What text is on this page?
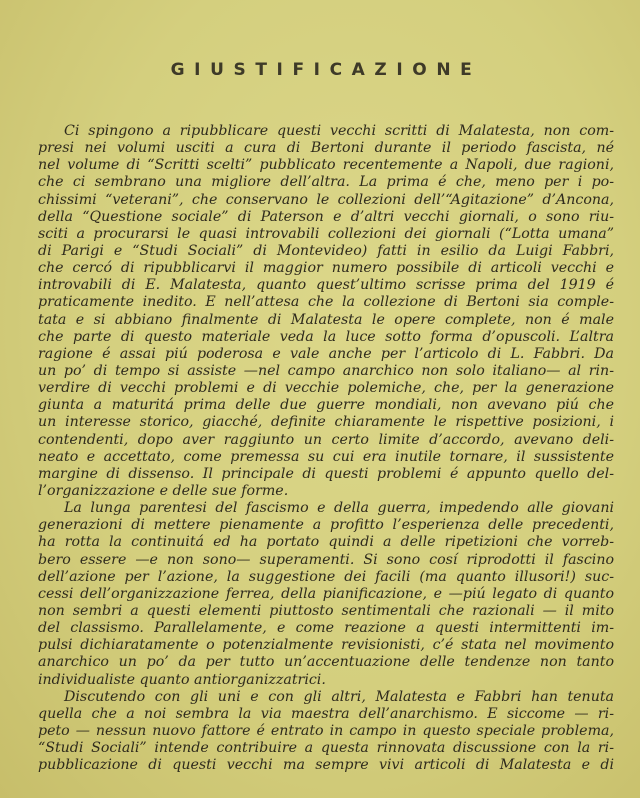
GIUSTIFICAZIONE
Ci spingono a ripubblicare questi vecchi scritti di Malatesta, non com-
presi nei volumi usciti a cura di Bertoni durante il periodo fascista, né
nel volume di “Scritti scelti” pubblicato recentemente a Napoli, due ragioni,
che ci sembrano una migliore dell’altra. La prima é che, meno per i po-
chissimi “veterani”, che conservano le collezioni dell’“Agitazione” d’Ancona,
della “Questione sociale” di Paterson e d’altri vecchi giornali, o sono riu-
sciti a procurarsi le quasi introvabili collezioni dei giornali (“Lotta umana”
di Parigi e “Studi Sociali” di Montevideo) fatti in esilio da Luigi Fabbri,
che cercó di ripubblicarvi il maggior numero possibile di articoli vecchi e
introvabili di E. Malatesta, quanto quest’ultimo scrisse prima del 1919 é
praticamente inedito. E nell’attesa che la collezione di Bertoni sia comple-
tata e si abbiano finalmente di Malatesta le opere complete, non é male
che parte di questo materiale veda la luce sotto forma d’opuscoli. L’altra
ragione é assai piú poderosa e vale anche per l’articolo di L. Fabbri. Da
un po’ di tempo si assiste —nel campo anarchico non solo italiano— al rin-
verdire di vecchi problemi e di vecchie polemiche, che, per la generazione
giunta a maturitá prima delle due guerre mondiali, non avevano piú che
un interesse storico, giacché, definite chiaramente le rispettive posizioni, i
contendenti, dopo aver raggiunto un certo limite d’accordo, avevano deli-
neato e accettato, come premessa su cui era inutile tornare, il sussistente
margine di dissenso. Il principale di questi problemi é appunto quello del-
l’organizzazione e delle sue forme.
La lunga parentesi del fascismo e della guerra, impedendo alle giovani
generazioni di mettere pienamente a profitto l’esperienza delle precedenti,
ha rotta la continuitá ed ha portato quindi a delle ripetizioni che vorreb-
bero essere —e non sono— superamenti. Si sono cosí riprodotti il fascino
dell’azione per l’azione, la suggestione dei facili (ma quanto illusori!) suc-
cessi dell’organizzazione ferrea, della pianificazione, e —piú legato di quanto
non sembri a questi elementi piuttosto sentimentali che razionali — il mito
del classismo. Parallelamente, e come reazione a questi intermittenti im-
pulsi dichiaratamente o potenzialmente revisionisti, c’é stata nel movimento
anarchico un po’ da per tutto un’accentuazione delle tendenze non tanto
individualiste quanto antiorganizzatrici.
Discutendo con gli uni e con gli altri, Malatesta e Fabbri han tenuta
quella che a noi sembra la via maestra dell’anarchismo. E siccome — ri-
peto — nessun nuovo fattore é entrato in campo in questo speciale problema,
“Studi Sociali” intende contribuire a questa rinnovata discussione con la ri-
pubblicazione di questi vecchi ma sempre vivi articoli di Malatesta e di
